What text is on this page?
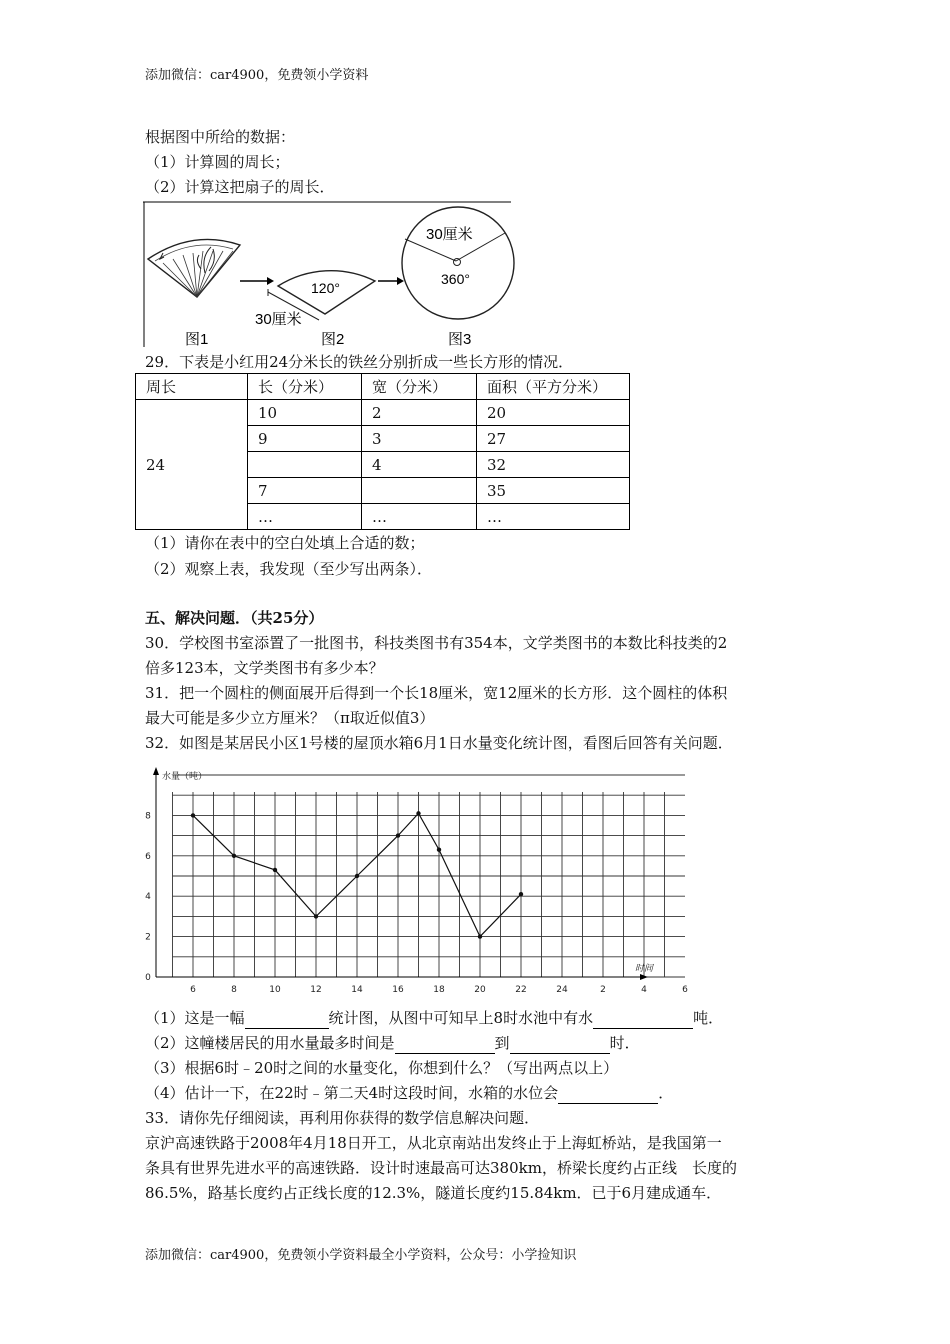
添加微信：car4900，免费领小学资料
根据图中所给的数据：
（1）计算圆的周长；
（2）计算这把扇子的周长．
120°
30厘米
30厘米
360°
图1	图2	图3
29．下表是小红用24分米长的铁丝分别折成一些长方形的情况．
周长	长（分米）	宽（分米）	面积（平方分米）
24	10	2	20
	9	3	27
		4	32
	7		35
	…	…	…
（1）请你在表中的空白处填上合适的数；
（2）观察上表，我发现（至少写出两条）．
五、解决问题．（共25分）
30．学校图书室添置了一批图书，科技类图书有354本，文学类图书的本数比科技类的2
倍多123本，文学类图书有多少本？
31．把一个圆柱的侧面展开后得到一个长18厘米，宽12厘米的长方形．这个圆柱的体积
最大可能是多少立方厘米？（π取近似值3）
32．如图是某居民小区1号楼的屋顶水箱6月1日水量变化统计图，看图后回答有关问题．
6	8	10	12	14	16	18	20	22	24	2	4	6
0
2
4
6
8
水量（吨）
时间
（1）这是一幅	统计图，从图中可知早上8时水池中有水	吨．
（2）这幢楼居民的用水量最多时间是	到	时．
（3）根据6时﹣20时之间的水量变化，你想到什么？（写出两点以上）
（4）估计一下，在22时﹣第二天4时这段时间，水箱的水位会	．
33．请你先仔细阅读，再利用你获得的数学信息解决问题．
京沪高速铁路于2008年4月18日开工，从北京南站出发终止于上海虹桥站，是我国第一
条具有世界先进水平的高速铁路．设计时速最高可达380km，桥梁长度约占正线　长度的
86.5%，路基长度约占正线长度的12.3%，隧道长度约15.84km．已于6月建成通车．
添加微信：car4900，免费领小学资料最全小学资料，公众号：小学捡知识
